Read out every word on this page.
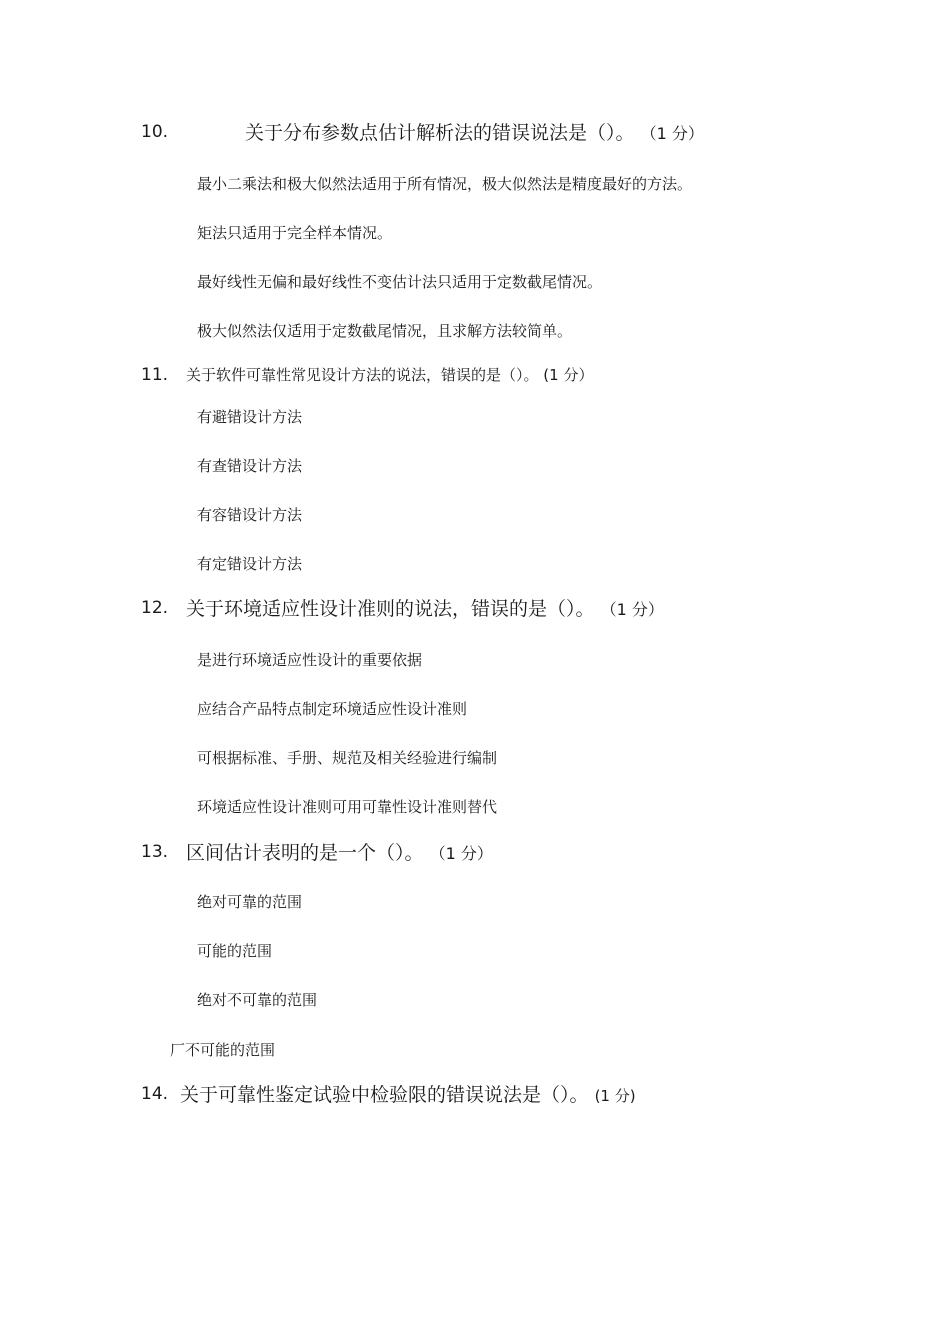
10.	关于分布参数点估计解析法的错误说法是（）。 （1 分）
最小二乘法和极大似然法适用于所有情况，极大似然法是精度最好的方法。
矩法只适用于完全样本情况。
最好线性无偏和最好线性不变估计法只适用于定数截尾情况。
极大似然法仅适用于定数截尾情况，且求解方法较简单。
11. 关于软件可靠性常见设计方法的说法，错误的是（）。 (1 分）
有避错设计方法
有查错设计方法
有容错设计方法
有定错设计方法
12. 关于环境适应性设计准则的说法，错误的是（）。 （1 分）
是进行环境适应性设计的重要依据
应结合产品特点制定环境适应性设计准则
可根据标准、手册、规范及相关经验进行编制
环境适应性设计准则可用可靠性设计准则替代
13. 区间估计表明的是一个（）。 （1 分）
绝对可靠的范围
可能的范围
绝对不可靠的范围
厂不可能的范围
14. 关于可靠性鉴定试验中检验限的错误说法是（）。 (1 分)
